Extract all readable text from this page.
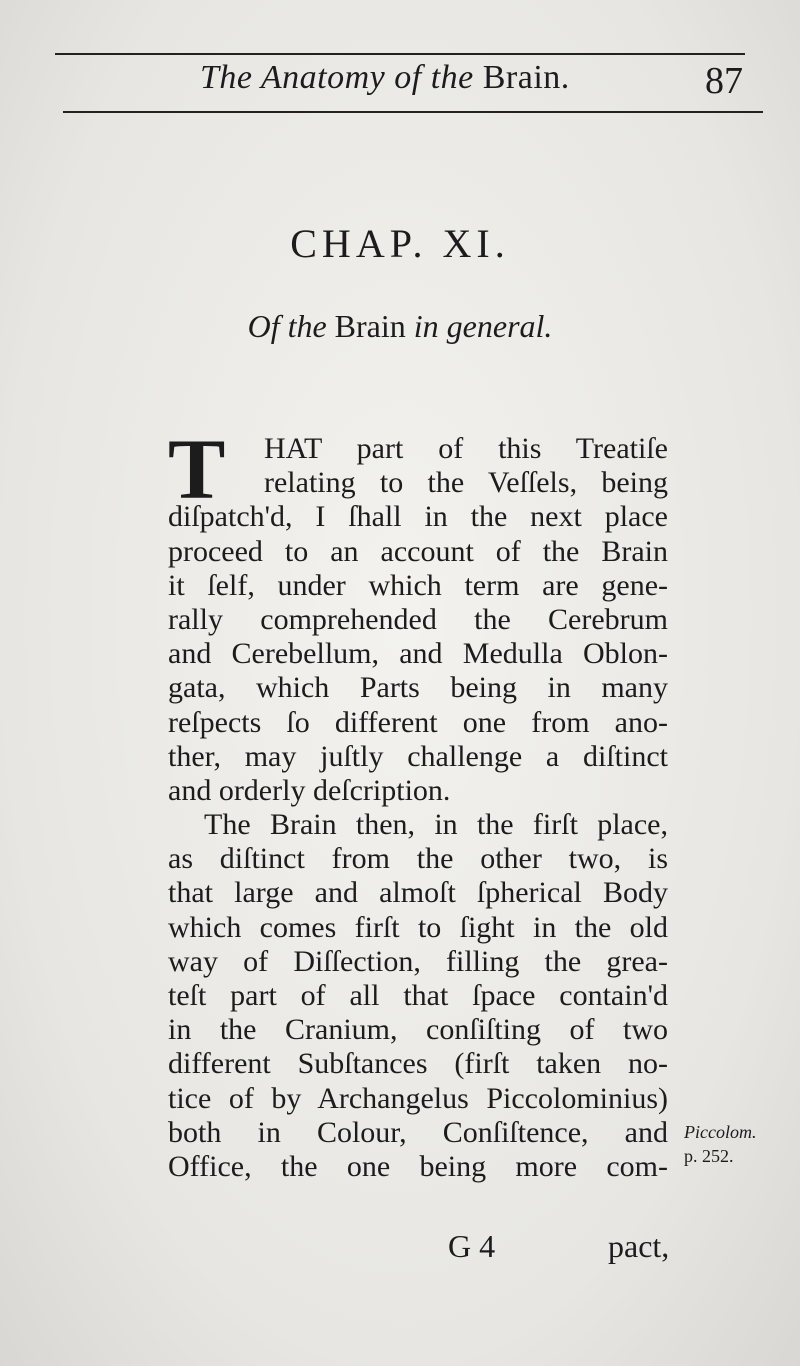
The Anatomy of the Brain.	87
CHAP. XI.
Of the Brain in general.
T	HAT part of this Treatiſe
relating to the Veſſels, being
diſpatch'd, I ſhall in the next place
proceed to an account of the Brain
it ſelf, under which term are gene-
rally comprehended the Cerebrum
and Cerebellum, and Medulla Oblon-
gata, which Parts being in many
reſpects ſo different one from ano-
ther, may juſtly challenge a diſtinct
and orderly deſcription.
The Brain then, in the firſt place,
as diſtinct from the other two, is
that large and almoſt ſpherical Body
which comes firſt to ſight in the old
way of Diſſection, filling the grea-
teſt part of all that ſpace contain'd
in the Cranium, conſiſting of two
different Subſtances (firſt taken no-
tice of by Archangelus Piccolominius)
both in Colour, Conſiſtence, and
Office, the one being more com-
Piccolom.
p. 252.
G 4	pact,
